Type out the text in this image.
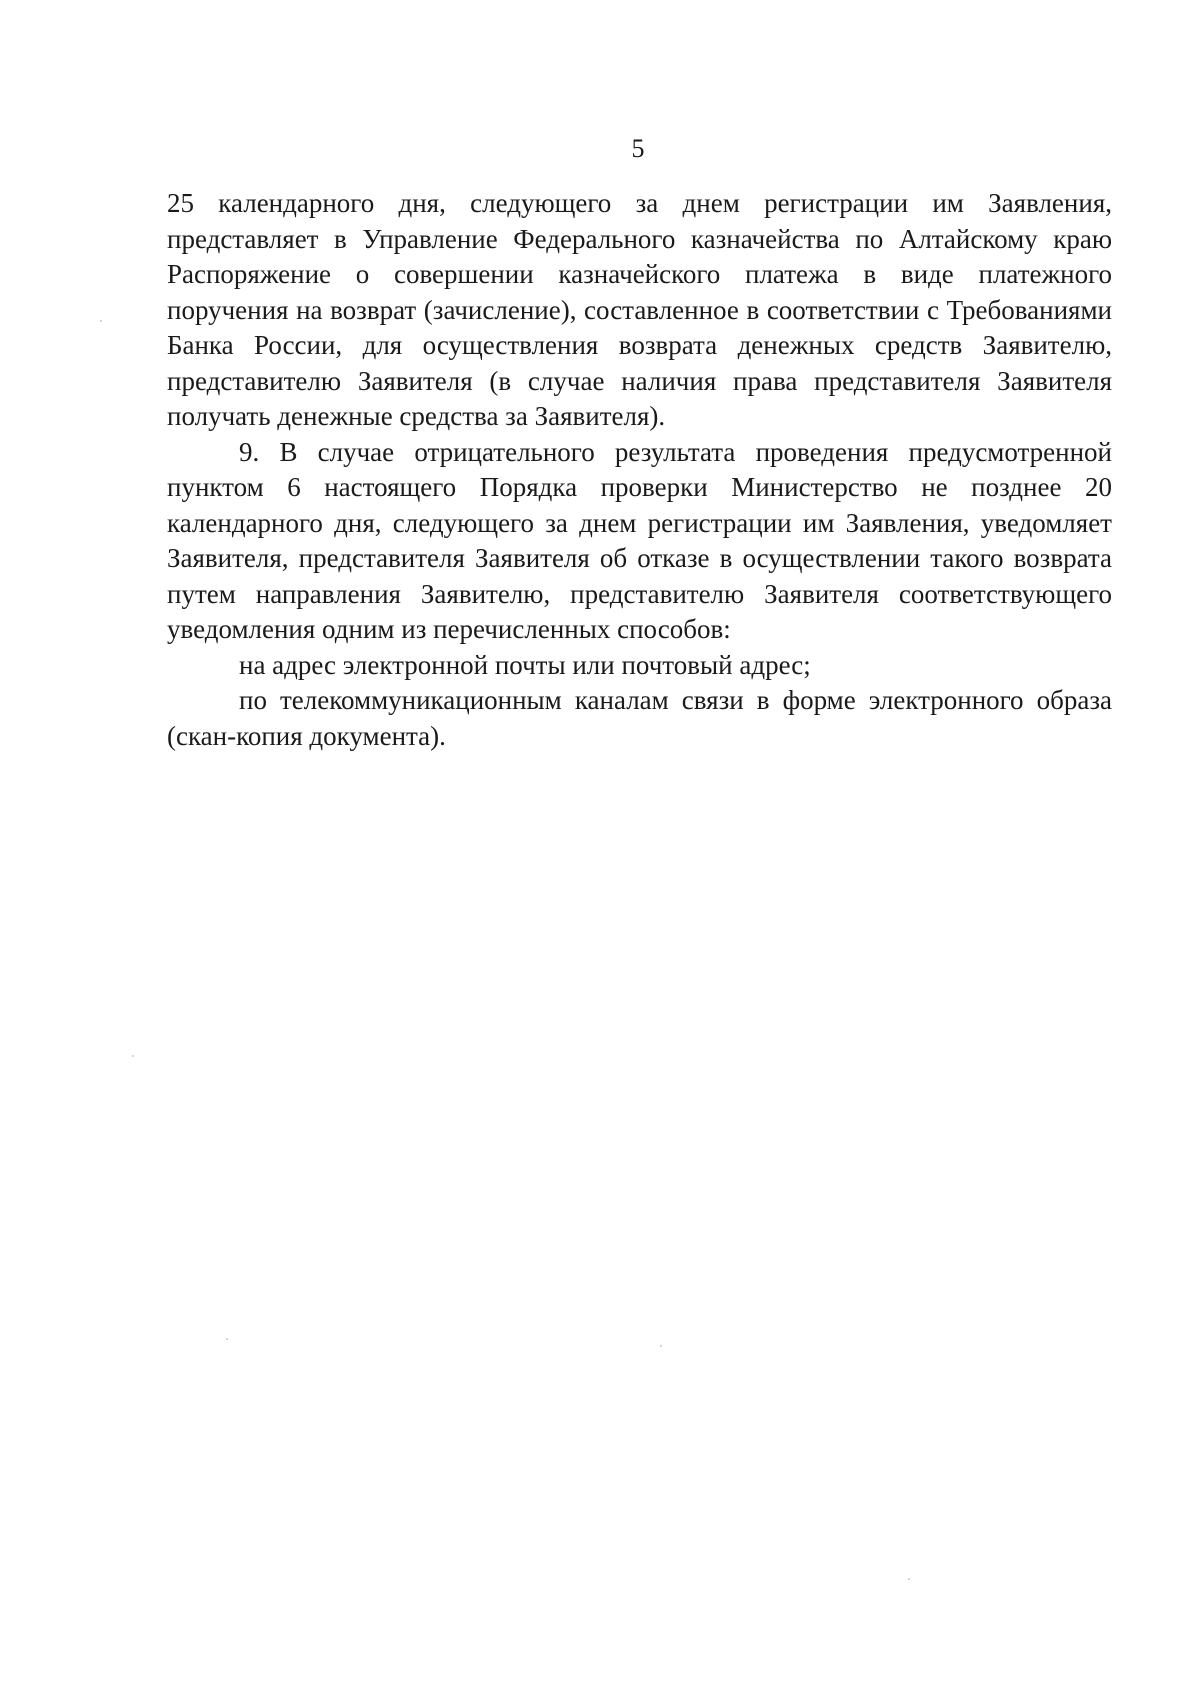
5

25 календарного дня, следующего за днем регистрации им Заявления, представляет в Управление Федерального казначейства по Алтайскому краю Распоряжение о совершении казначейского платежа в виде платежного поручения на возврат (зачисление), составленное в соответствии с Требованиями Банка России, для осуществления возврата денежных средств Заявителю, представителю Заявителя (в случае наличия права представителя Заявителя получать денежные средства за Заявителя).

9. В случае отрицательного результата проведения предусмотренной пунктом 6 настоящего Порядка проверки Министерство не позднее 20 календарного дня, следующего за днем регистрации им Заявления, уведомляет Заявителя, представителя Заявителя об отказе в осуществлении такого возврата путем направления Заявителю, представителю Заявителя соответствующего уведомления одним из перечисленных способов:

на адрес электронной почты или почтовый адрес;

по телекоммуникационным каналам связи в форме электронного образа (скан-копия документа).
